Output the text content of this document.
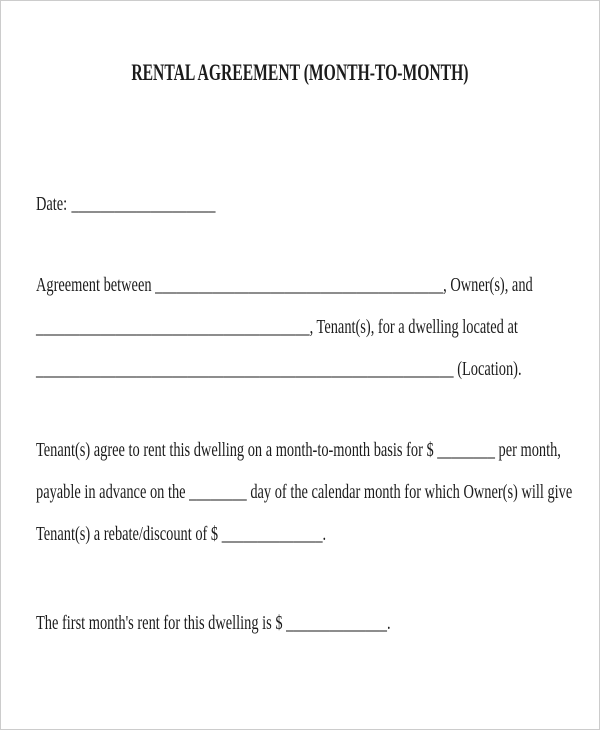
RENTAL AGREEMENT (MONTH-TO-MONTH)
Date: ____________________
Agreement between ________________________________________, Owner(s), and
______________________________________, Tenant(s), for a dwelling located at
__________________________________________________________ (Location).
Tenant(s) agree to rent this dwelling on a month-to-month basis for $ ________ per month,
payable in advance on the ________ day of the calendar month for which Owner(s) will give
Tenant(s) a rebate/discount of $ ______________.
The first month's rent for this dwelling is $ ______________.
